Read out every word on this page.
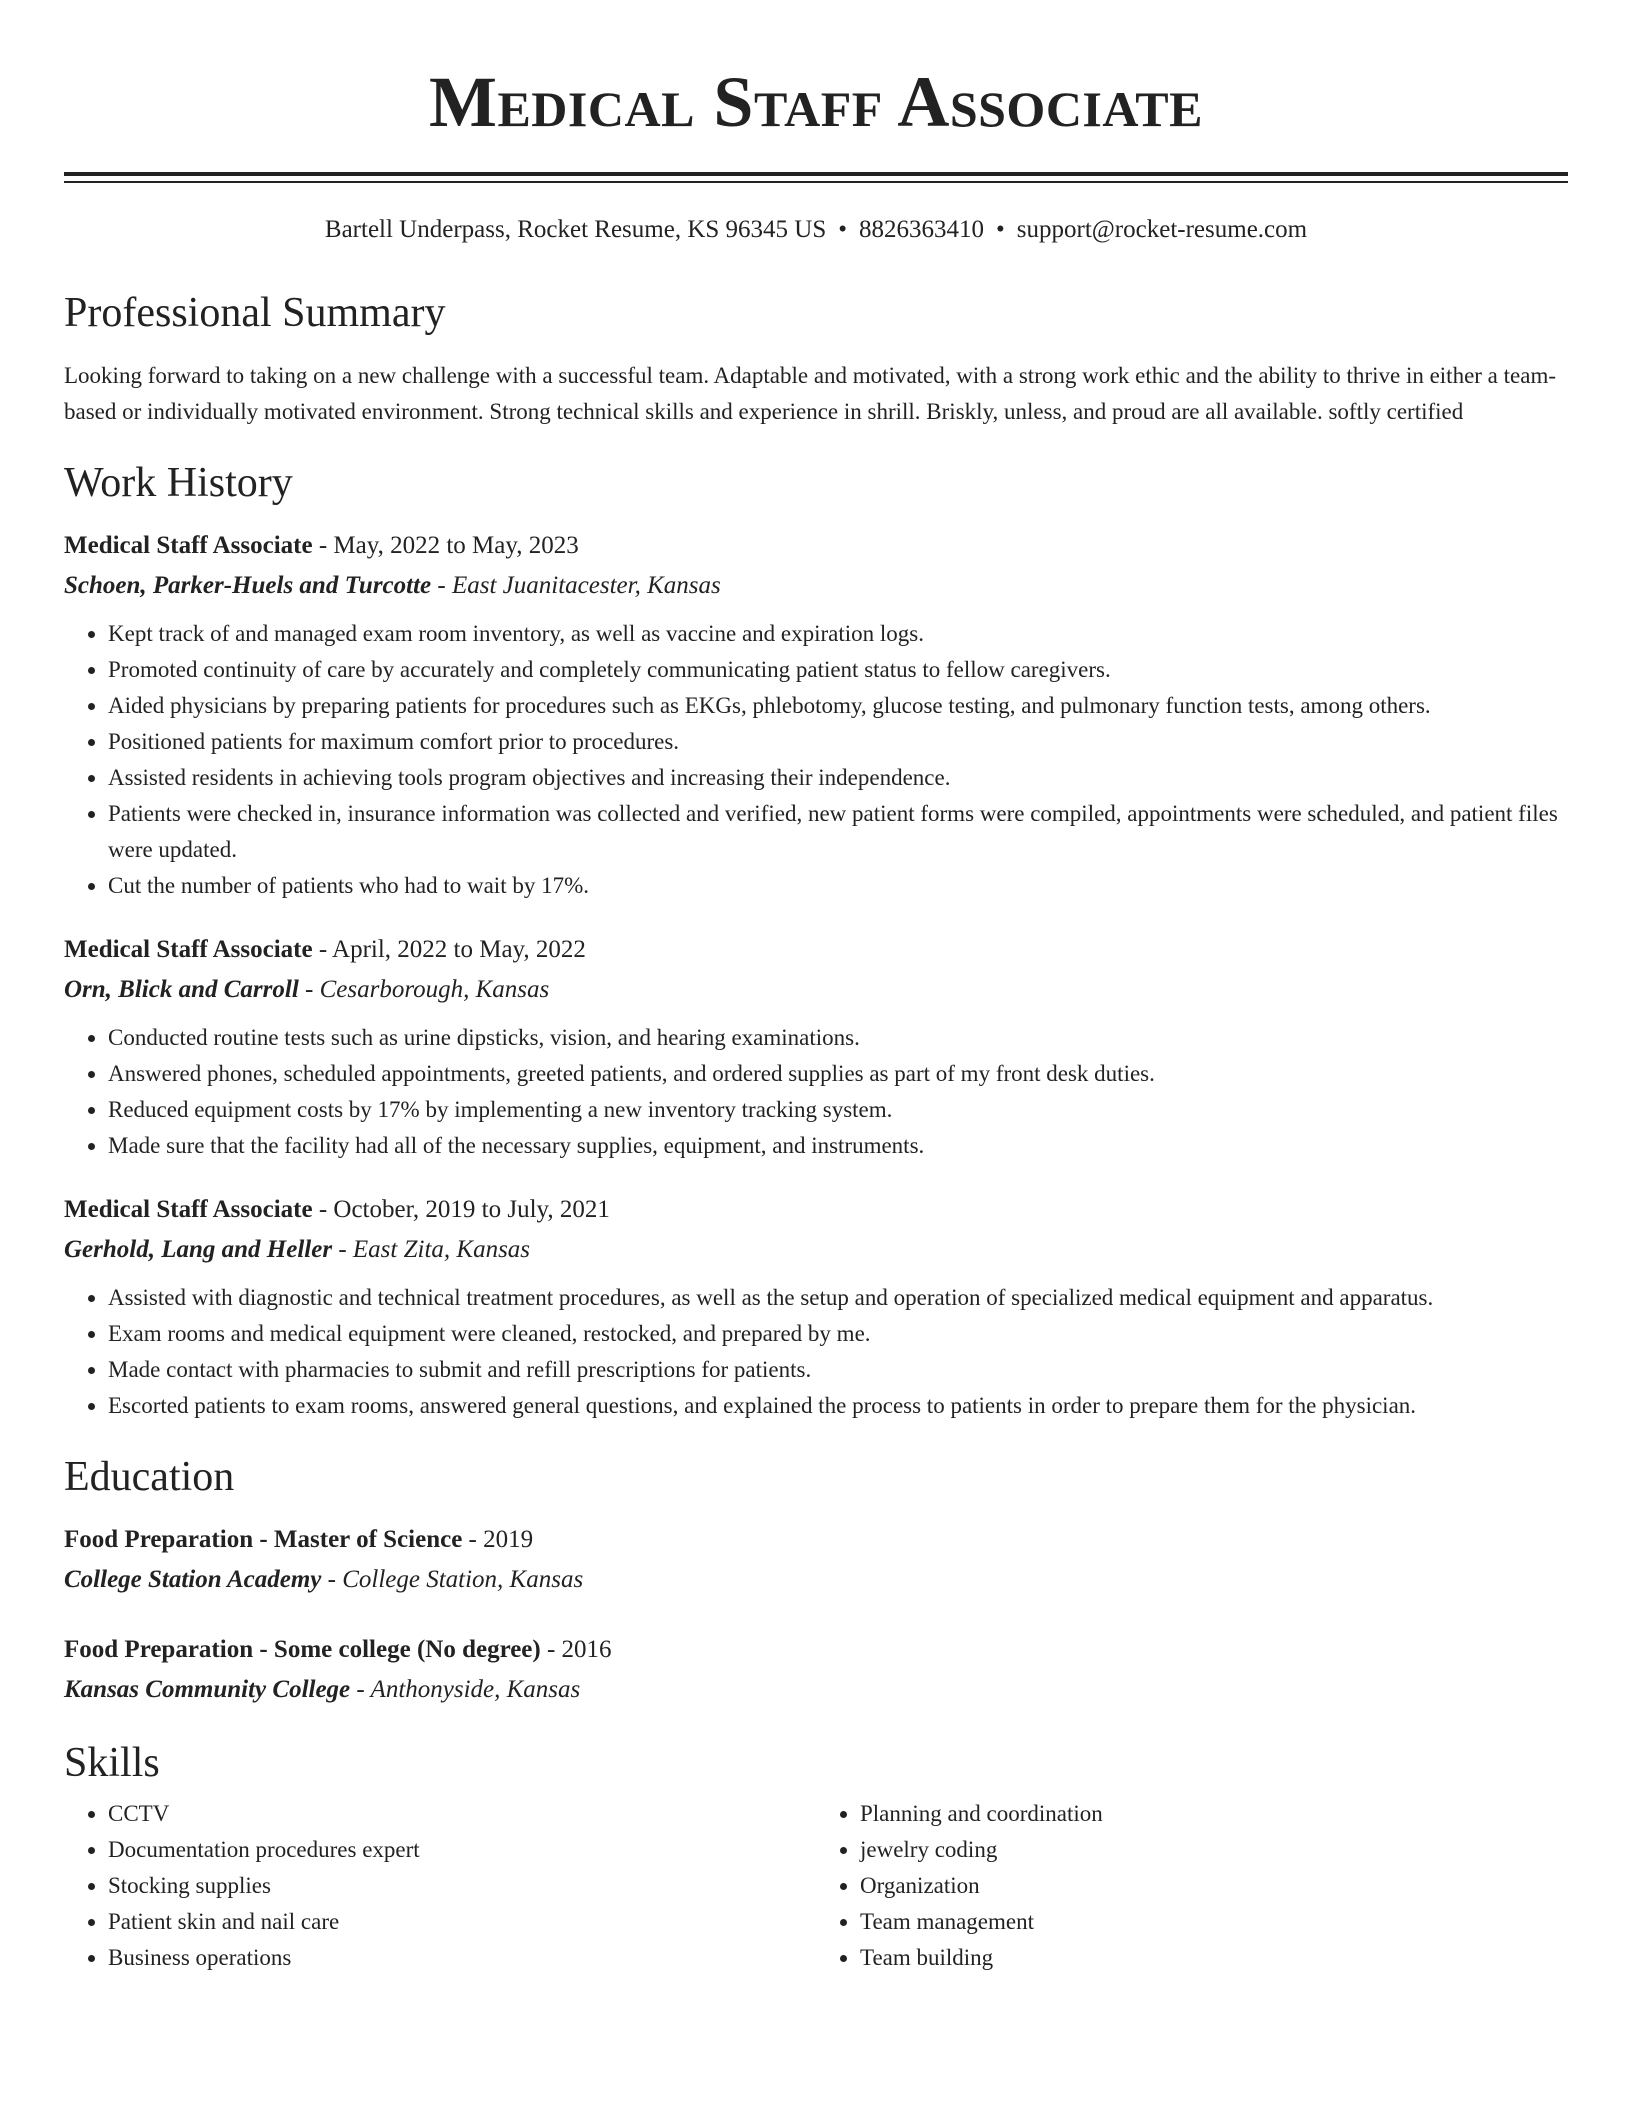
Medical Staff Associate
Bartell Underpass, Rocket Resume, KS 96345 US • 8826363410 • support@rocket-resume.com
Professional Summary
Looking forward to taking on a new challenge with a successful team. Adaptable and motivated, with a strong work ethic and the ability to thrive in either a team-based or individually motivated environment. Strong technical skills and experience in shrill. Briskly, unless, and proud are all available. softly certified
Work History
Medical Staff Associate - May, 2022 to May, 2023
Schoen, Parker-Huels and Turcotte - East Juanitacester, Kansas
• Kept track of and managed exam room inventory, as well as vaccine and expiration logs.
• Promoted continuity of care by accurately and completely communicating patient status to fellow caregivers.
• Aided physicians by preparing patients for procedures such as EKGs, phlebotomy, glucose testing, and pulmonary function tests, among others.
• Positioned patients for maximum comfort prior to procedures.
• Assisted residents in achieving tools program objectives and increasing their independence.
• Patients were checked in, insurance information was collected and verified, new patient forms were compiled, appointments were scheduled, and patient files were updated.
• Cut the number of patients who had to wait by 17%.
Medical Staff Associate - April, 2022 to May, 2022
Orn, Blick and Carroll - Cesarborough, Kansas
• Conducted routine tests such as urine dipsticks, vision, and hearing examinations.
• Answered phones, scheduled appointments, greeted patients, and ordered supplies as part of my front desk duties.
• Reduced equipment costs by 17% by implementing a new inventory tracking system.
• Made sure that the facility had all of the necessary supplies, equipment, and instruments.
Medical Staff Associate - October, 2019 to July, 2021
Gerhold, Lang and Heller - East Zita, Kansas
• Assisted with diagnostic and technical treatment procedures, as well as the setup and operation of specialized medical equipment and apparatus.
• Exam rooms and medical equipment were cleaned, restocked, and prepared by me.
• Made contact with pharmacies to submit and refill prescriptions for patients.
• Escorted patients to exam rooms, answered general questions, and explained the process to patients in order to prepare them for the physician.
Education
Food Preparation - Master of Science - 2019
College Station Academy - College Station, Kansas
Food Preparation - Some college (No degree) - 2016
Kansas Community College - Anthonyside, Kansas
Skills
• CCTV
• Documentation procedures expert
• Stocking supplies
• Patient skin and nail care
• Business operations
• Planning and coordination
• jewelry coding
• Organization
• Team management
• Team building
